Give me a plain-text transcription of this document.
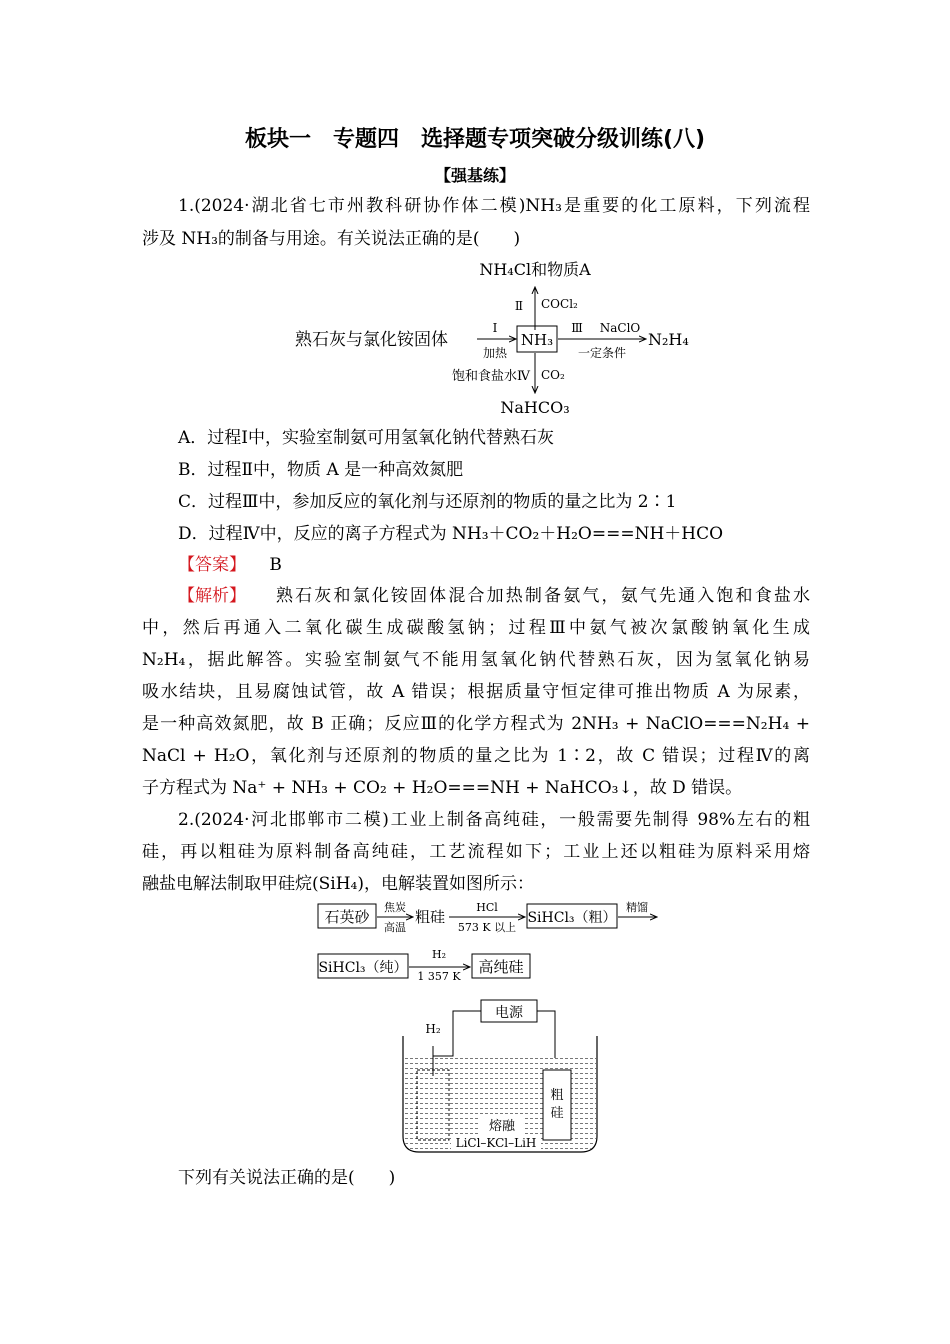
板块一　专题四　选择题专项突破分级训练(八)
【强基练】
1.(2024·湖北省七市州教科研协作体二模)NH₃是重要的化工原料，下列流程
涉及 NH₃的制备与用途。有关说法正确的是(　　)
NH₄Cl和物质A
Ⅱ COCl₂
熟石灰与氯化铵固体
Ⅰ
加热
NH₃
Ⅲ NaClO
一定条件
N₂H₄
饱和食盐水Ⅳ CO₂
NaHCO₃
A．过程Ⅰ中，实验室制氨可用氢氧化钠代替熟石灰
B．过程Ⅱ中，物质 A 是一种高效氮肥
C．过程Ⅲ中，参加反应的氧化剂与还原剂的物质的量之比为 2∶1
D．过程Ⅳ中，反应的离子方程式为 NH₃＋CO₂＋H₂O===NH＋HCO
【答案】 B
【解析】 熟石灰和氯化铵固体混合加热制备氨气，氨气先通入饱和食盐水
中，然后再通入二氧化碳生成碳酸氢钠；过程Ⅲ中氨气被次氯酸钠氧化生成
N₂H₄，据此解答。实验室制氨气不能用氢氧化钠代替熟石灰，因为氢氧化钠易
吸水结块，且易腐蚀试管，故 A 错误；根据质量守恒定律可推出物质 A 为尿素，
是一种高效氮肥，故 B 正确；反应Ⅲ的化学方程式为 2NH₃ + NaClO===N₂H₄ +
NaCl + H₂O，氧化剂与还原剂的物质的量之比为 1∶2，故 C 错误；过程Ⅳ的离
子方程式为 Na⁺ + NH₃ + CO₂ + H₂O===NH + NaHCO₃↓，故 D 错误。
2.(2024·河北邯郸市二模)工业上制备高纯硅，一般需要先制得 98%左右的粗
硅，再以粗硅为原料制备高纯硅，工艺流程如下；工业上还以粗硅为原料采用熔
融盐电解法制取甲硅烷(SiH₄)，电解装置如图所示：
石英砂
焦炭
高温
粗硅
HCl
573 K 以上
SiHCl₃（粗）
精馏
SiHCl₃（纯）
H₂
1 357 K
高纯硅
电源
H₂
粗
硅
熔融
LiCl–KCl–LiH
下列有关说法正确的是(　　)
